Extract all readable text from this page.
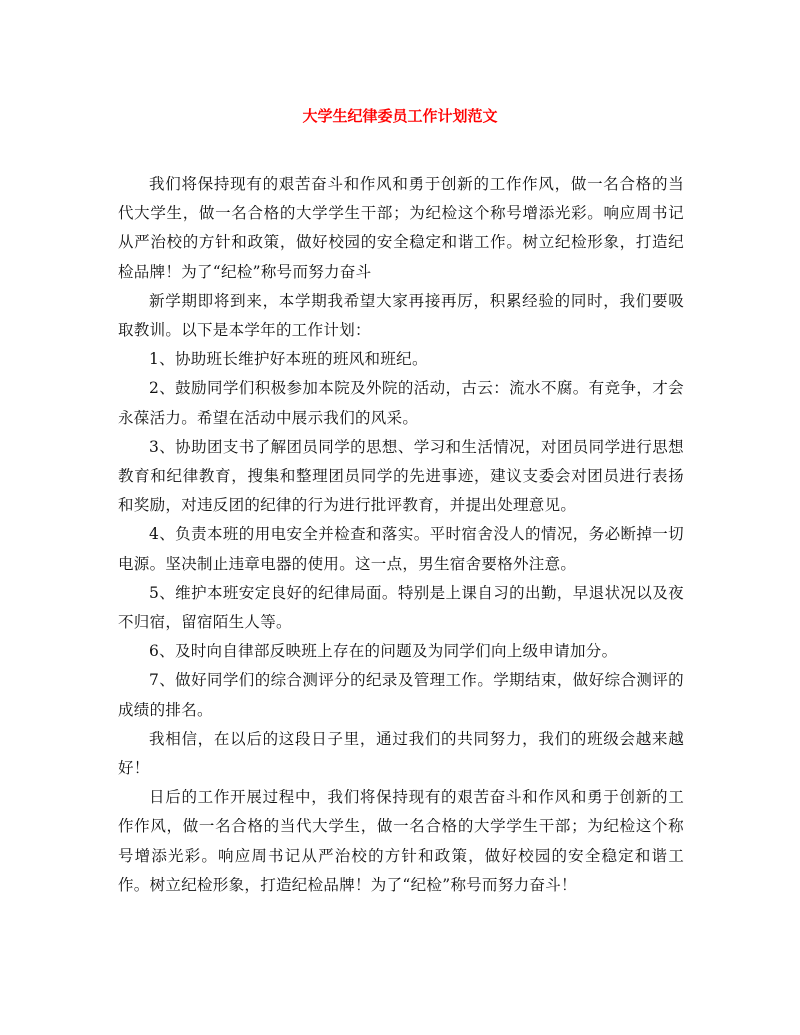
大学生纪律委员工作计划范文

我们将保持现有的艰苦奋斗和作风和勇于创新的工作作风，做一名合格的当代大学生，做一名合格的大学学生干部；为纪检这个称号增添光彩。响应周书记从严治校的方针和政策，做好校园的安全稳定和谐工作。树立纪检形象，打造纪检品牌！为了“纪检”称号而努力奋斗

新学期即将到来，本学期我希望大家再接再厉，积累经验的同时，我们要吸取教训。以下是本学年的工作计划：

1、协助班长维护好本班的班风和班纪。

2、鼓励同学们积极参加本院及外院的活动，古云：流水不腐。有竞争，才会永葆活力。希望在活动中展示我们的风采。

3、协助团支书了解团员同学的思想、学习和生活情况，对团员同学进行思想教育和纪律教育，搜集和整理团员同学的先进事迹，建议支委会对团员进行表扬和奖励，对违反团的纪律的行为进行批评教育，并提出处理意见。

4、负责本班的用电安全并检查和落实。平时宿舍没人的情况，务必断掉一切电源。坚决制止违章电器的使用。这一点，男生宿舍要格外注意。

5、维护本班安定良好的纪律局面。特别是上课自习的出勤，早退状况以及夜不归宿，留宿陌生人等。

6、及时向自律部反映班上存在的问题及为同学们向上级申请加分。

7、做好同学们的综合测评分的纪录及管理工作。学期结束，做好综合测评的成绩的排名。

我相信，在以后的这段日子里，通过我们的共同努力，我们的班级会越来越好！

日后的工作开展过程中，我们将保持现有的艰苦奋斗和作风和勇于创新的工作作风，做一名合格的当代大学生，做一名合格的大学学生干部；为纪检这个称号增添光彩。响应周书记从严治校的方针和政策，做好校园的安全稳定和谐工作。树立纪检形象，打造纪检品牌！为了“纪检”称号而努力奋斗！
